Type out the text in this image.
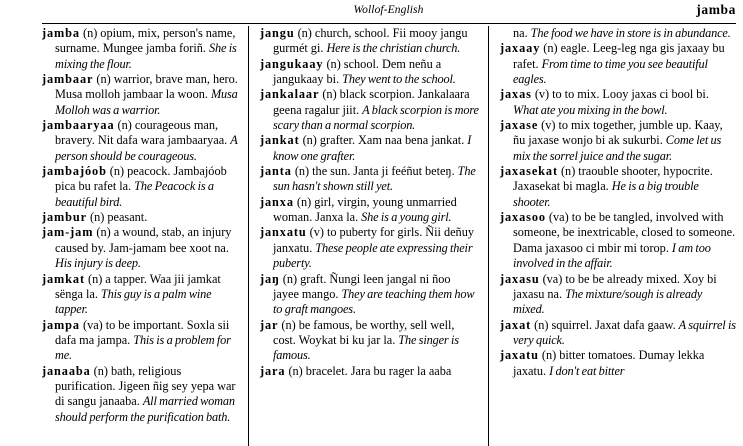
Wollof-English	jamba

jamba (n) opium, mix, person's name, surname. Mungee jamba foriñ. She is mixing the flour.

jambaar (n) warrior, brave man, hero. Musa molloh jambaar la woon. Musa Molloh was a warrior.

jambaaryaa (n) courageous man, bravery. Nit dafa wara jambaaryaa. A person should be courageous.

jambajóob (n) peacock. Jambajóob pica bu rafet la. The Peacock is a beautiful bird.

jambur (n) peasant.

jam-jam (n) a wound, stab, an injury caused by. Jam-jamam bee xoot na. His injury is deep.

jamkat (n) a tapper. Waa jii jamkat sënga la. This guy is a palm wine tapper.

jampa (va) to be important. Soxla sii dafa ma jampa. This is a problem for me.

janaaba (n) bath, religious purification. Jigeen ñig sey yepa war di sangu janaaba. All married woman should perform the purification bath.

jangu (n) church, school. Fii mooy jangu gurmét gi. Here is the christian church.

jangukaay (n) school. Dem neñu a jangukaay bi. They went to the school.

jankalaar (n) black scorpion. Jankalaara geena ragalur jiit. A black scorpion is more scary than a normal scorpion.

jankat (n) grafter. Xam naa bena jankat. I know one grafter.

janta (n) the sun. Janta ji feéñut beteŋ. The sun hasn't shown still yet.

janxa (n) girl, virgin, young unmarried woman. Janxa la. She is a young girl.

janxatu (v) to puberty for girls. Ñii deñuy janxatu. These people ate expressing their puberty.

jaŋ (n) graft. Ñungi leen jangal ni ñoo jayee mango. They are teaching them how to graft mangoes.

jar (n) be famous, be worthy, sell well, cost. Woykat bi ku jar la. The singer is famous.

jara (n) bracelet. Jara bu rager la aaba

na. The food we have in store is in abundance.

jaxaay (n) eagle. Leeg-leg nga gis jaxaay bu rafet. From time to time you see beautiful eagles.

jaxas (v) to to mix. Looy jaxas ci bool bi. What ate you mixing in the bowl.

jaxase (v) to mix together, jumble up. Kaay, ñu jaxase wonjo bi ak sukurbi. Come let us mix the sorrel juice and the sugar.

jaxasekat (n) traouble shooter, hypocrite. Jaxasekat bi magla. He is a big trouble shooter.

jaxasoo (va) to be be tangled, involved with someone, be inextricable, closed to someone. Dama jaxasoo ci mbir mi torop. I am too involved in the affair.

jaxasu (va) to be be already mixed. Xoy bi jaxasu na. The mixture/sough is already mixed.

jaxat (n) squirrel. Jaxat dafa gaaw. A squirrel is very quick.

jaxatu (n) bitter tomatoes. Dumay lekka jaxatu. I don't eat bitter
